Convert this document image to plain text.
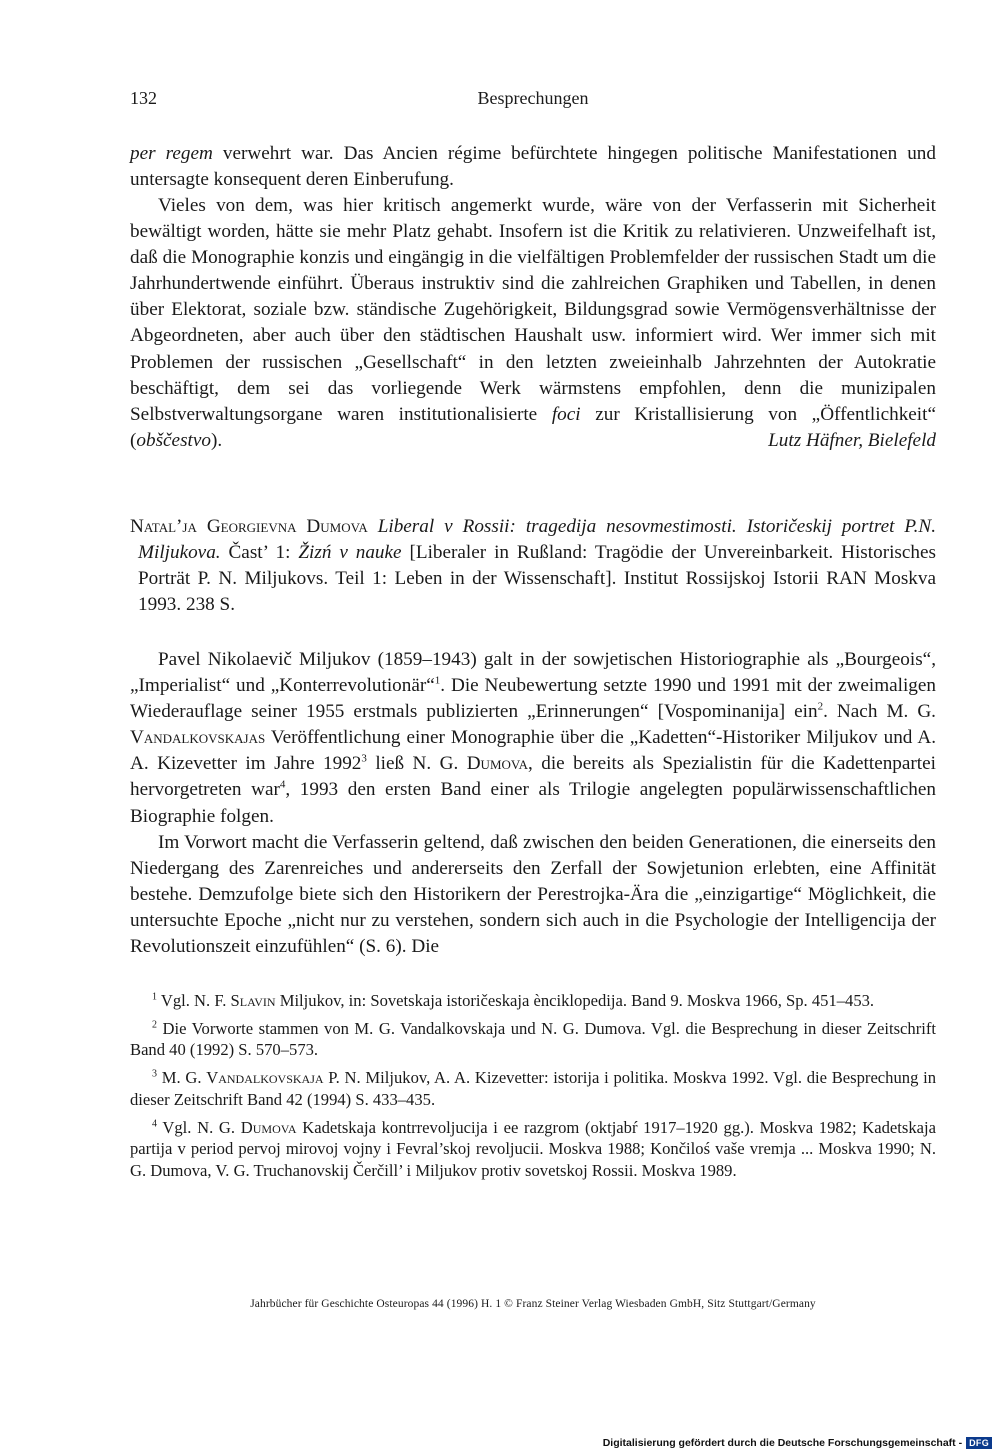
132	Besprechungen

per regem verwehrt war. Das Ancien régime befürchtete hingegen politische Manifestationen und untersagte konsequent deren Einberufung.

Vieles von dem, was hier kritisch angemerkt wurde, wäre von der Verfasserin mit Sicherheit bewältigt worden, hätte sie mehr Platz gehabt. Insofern ist die Kritik zu relativieren. Unzweifelhaft ist, daß die Monographie konzis und eingängig in die vielfältigen Problemfelder der russischen Stadt um die Jahrhundertwende einführt. Überaus instruktiv sind die zahlreichen Graphiken und Tabellen, in denen über Elektorat, soziale bzw. ständische Zugehörigkeit, Bildungsgrad sowie Vermögensverhältnisse der Abgeordneten, aber auch über den städtischen Haushalt usw. informiert wird. Wer immer sich mit Problemen der russischen „Gesellschaft“ in den letzten zweieinhalb Jahrzehnten der Autokratie beschäftigt, dem sei das vorliegende Werk wärmstens empfohlen, denn die munizipalen Selbstverwaltungsorgane waren institutionalisierte foci zur Kristallisierung von „Öffentlichkeit“ (obščestvo).	Lutz Häfner, Bielefeld

Natal’ja Georgievna Dumova Liberal v Rossii: tragedija nesovmestimosti. Istoričeskij portret P.N. Miljukova. Čast’ 1: Žizń v nauke [Liberaler in Rußland: Tragödie der Unvereinbarkeit. Historisches Porträt P. N. Miljukovs. Teil 1: Leben in der Wissenschaft]. Institut Rossijskoj Istorii RAN Moskva 1993. 238 S.

Pavel Nikolaevič Miljukov (1859–1943) galt in der sowjetischen Historiographie als „Bourgeois“, „Imperialist“ und „Konterrevolutionär“$^1$. Die Neubewertung setzte 1990 und 1991 mit der zweimaligen Wiederauflage seiner 1955 erstmals publizierten „Erinnerungen“ [Vospominanija] ein$^2$. Nach M. G. Vandalkovskajas Veröffentlichung einer Monographie über die „Kadetten“-Historiker Miljukov und A. A. Kizevetter im Jahre 1992$^3$ ließ N. G. Dumova, die bereits als Spezialistin für die Kadettenpartei hervorgetreten war$^4$, 1993 den ersten Band einer als Trilogie angelegten populärwissenschaftlichen Biographie folgen.

Im Vorwort macht die Verfasserin geltend, daß zwischen den beiden Generationen, die einerseits den Niedergang des Zarenreiches und andererseits den Zerfall der Sowjetunion erlebten, eine Affinität bestehe. Demzufolge biete sich den Historikern der Perestrojka-Ära die „einzigartige“ Möglichkeit, die untersuchte Epoche „nicht nur zu verstehen, sondern sich auch in die Psychologie der Intelligencija der Revolutionszeit einzufühlen“ (S. 6). Die

$^1$ Vgl. N. F. Slavin Miljukov, in: Sovetskaja istoričeskaja ènciklopedija. Band 9. Moskva 1966, Sp. 451–453.

$^2$ Die Vorworte stammen von M. G. Vandalkovskaja und N. G. Dumova. Vgl. die Besprechung in dieser Zeitschrift Band 40 (1992) S. 570–573.

$^3$ M. G. Vandalkovskaja P. N. Miljukov, A. A. Kizevetter: istorija i politika. Moskva 1992. Vgl. die Besprechung in dieser Zeitschrift Band 42 (1994) S. 433–435.

$^4$ Vgl. N. G. Dumova Kadetskaja kontrrevoljucija i ee razgrom (oktjabŕ 1917–1920 gg.). Moskva 1982; Kadetskaja partija v period pervoj mirovoj vojny i Fevral’skoj revoljucii. Moskva 1988; Končiloś vaše vremja ... Moskva 1990; N. G. Dumova, V. G. Truchanovskij Čerčill’ i Miljukov protiv sovetskoj Rossii. Moskva 1989.

Jahrbücher für Geschichte Osteuropas 44 (1996) H. 1 © Franz Steiner Verlag Wiesbaden GmbH, Sitz Stuttgart/Germany
Digitalisierung gefördert durch die Deutsche Forschungsgemeinschaft - DFG
